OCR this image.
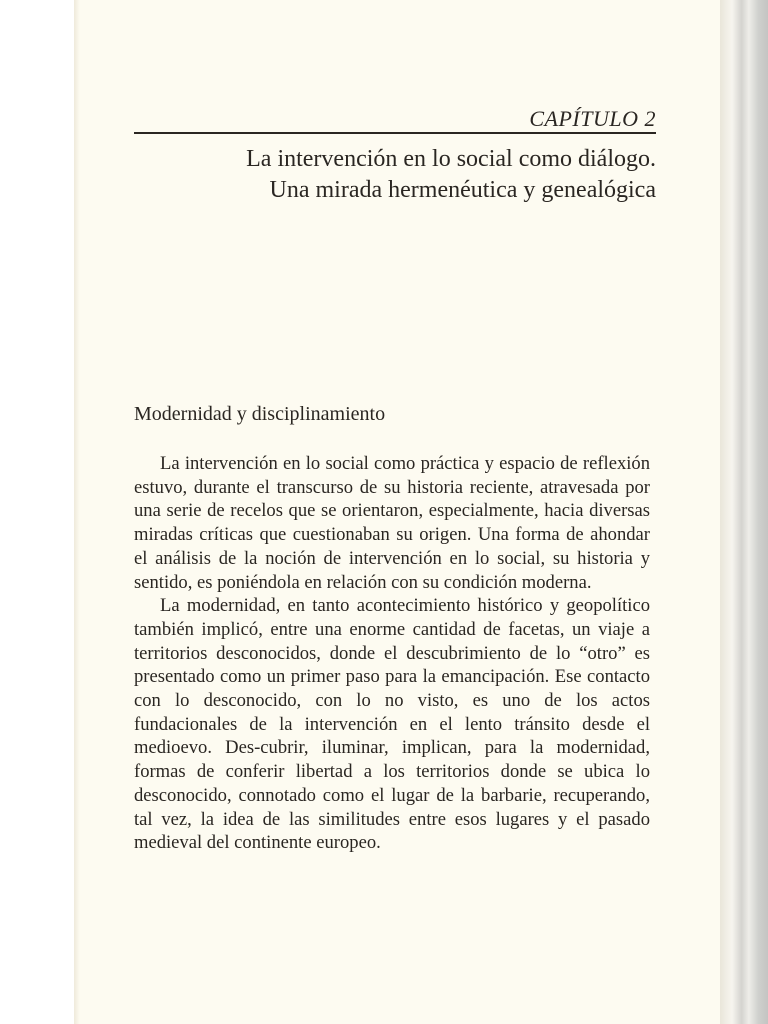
CAPÍTULO 2
La intervención en lo social como diálogo.
Una mirada hermenéutica y genealógica
Modernidad y disciplinamiento

La intervención en lo social como práctica y espacio de reflexión estuvo, durante el transcurso de su historia reciente, atravesada por una serie de recelos que se orientaron, especialmente, hacia diversas miradas críticas que cuestionaban su origen. Una forma de ahondar el análisis de la noción de intervención en lo social, su historia y sentido, es poniéndola en relación con su condición moderna.

La modernidad, en tanto acontecimiento histórico y geopolítico también implicó, entre una enorme cantidad de facetas, un viaje a territorios desconocidos, donde el descubrimiento de lo “otro” es presentado como un primer paso para la emancipación. Ese contacto con lo desconocido, con lo no visto, es uno de los actos fundacionales de la intervención en el lento tránsito desde el medioevo. Des-cubrir, iluminar, implican, para la modernidad, formas de conferir libertad a los territorios donde se ubica lo desconocido, connotado como el lugar de la barbarie, recuperando, tal vez, la idea de las similitudes entre esos lugares y el pasado medieval del continente europeo.
